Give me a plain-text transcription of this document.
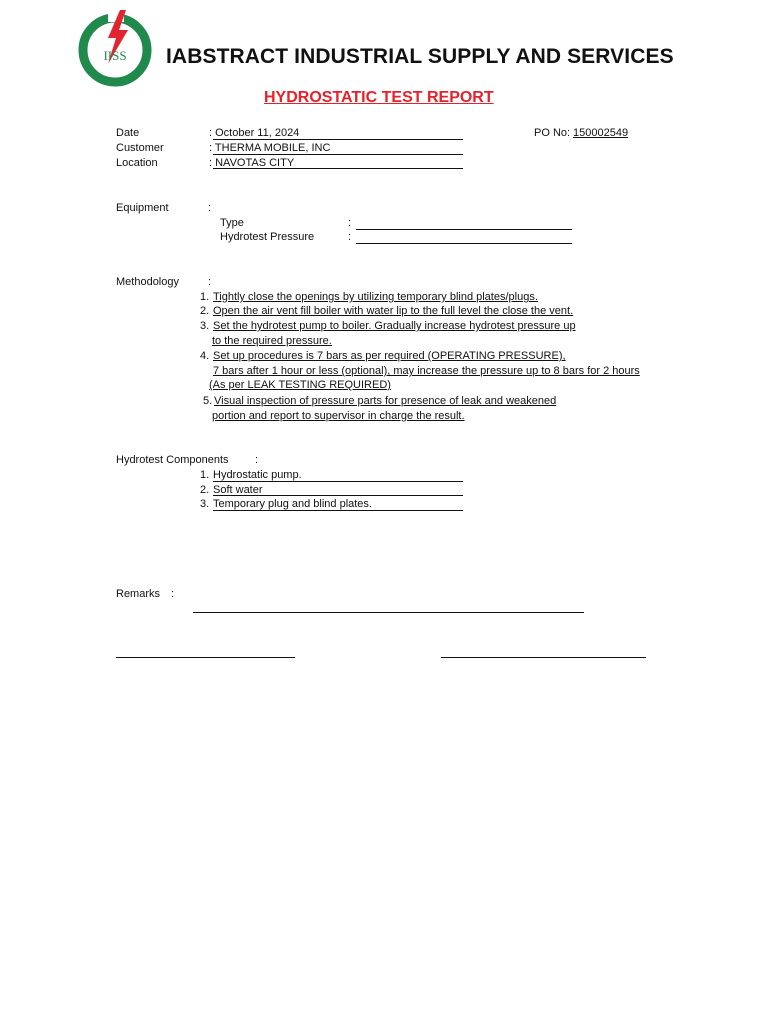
IISS IABSTRACT INDUSTRIAL SUPPLY AND SERVICES
HYDROSTATIC TEST REPORT
Date	: October 11, 2024
Customer	: THERMA MOBILE, INC
Location	: NAVOTAS CITY
PO No: 150002549
Equipment	:
Type	:
Hydrotest Pressure	:
Methodology	:
1. Tightly close the openings by utilizing temporary blind plates/plugs.
2. Open the air vent fill boiler with water lip to the full level the close the vent.
3. Set the hydrotest pump to boiler. Gradually increase hydrotest pressure up
to the required pressure.
4. Set up procedures is 7 bars as per required (OPERATING PRESSURE),
7 bars after 1 hour or less (optional), may increase the pressure up to 8 bars for 2 hours
(As per LEAK TESTING REQUIRED)
5. Visual inspection of pressure parts for presence of leak and weakened
portion and report to supervisor in charge the result.
Hydrotest Components :
1. Hydrostatic pump.
2. Soft water
3. Temporary plug and blind plates.
Remarks :
